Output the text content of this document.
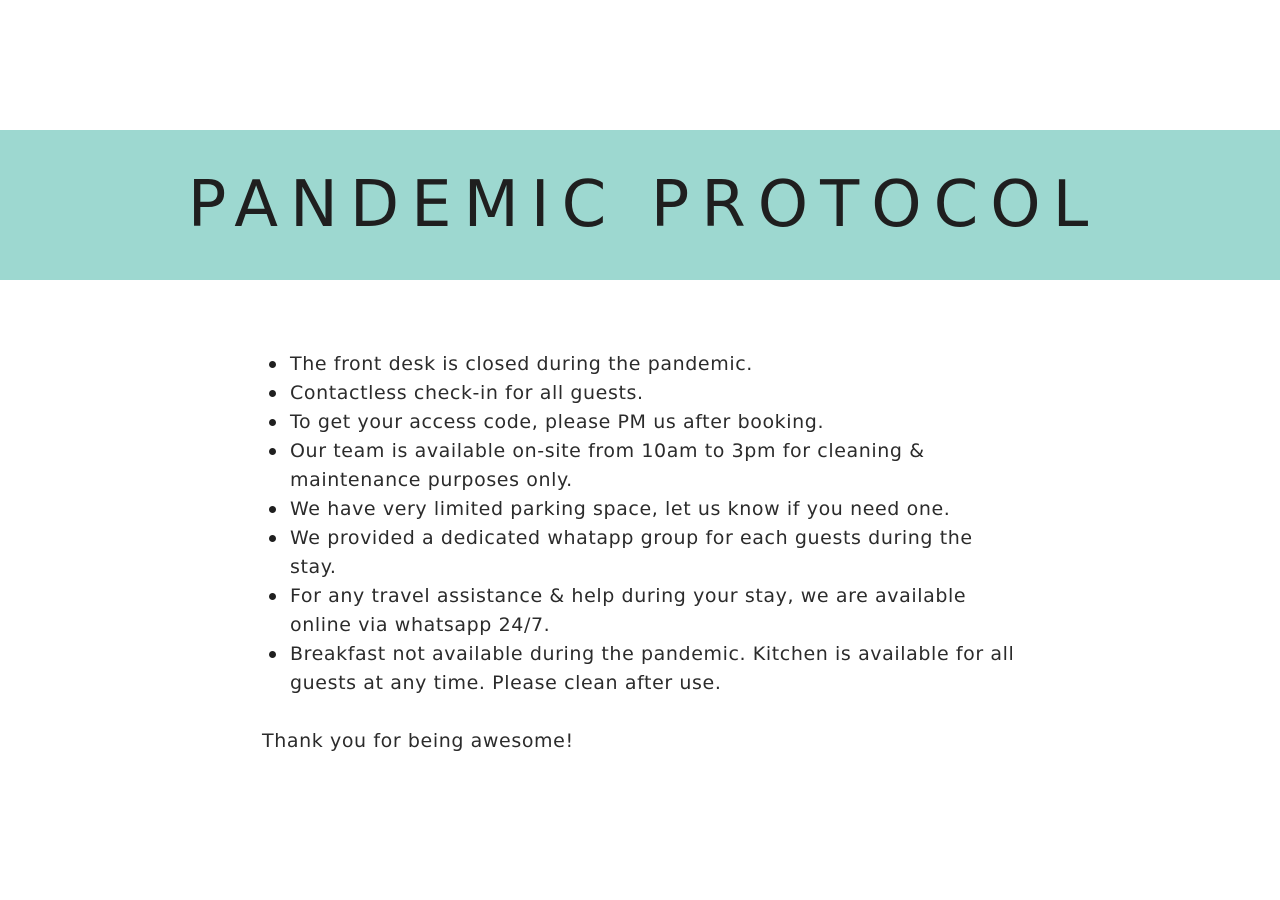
PANDEMIC PROTOCOL
The front desk is closed during the pandemic.
Contactless check-in for all guests.
To get your access code, please PM us after booking.
Our team is available on-site from 10am to 3pm for cleaning & maintenance purposes only.
We have very limited parking space, let us know if you need one.
We provided a dedicated whatapp group for each guests during the stay.
For any travel assistance & help during your stay, we are available online via whatsapp 24/7.
Breakfast not available during the pandemic. Kitchen is available for all guests at any time. Please clean after use.

Thank you for being awesome!
